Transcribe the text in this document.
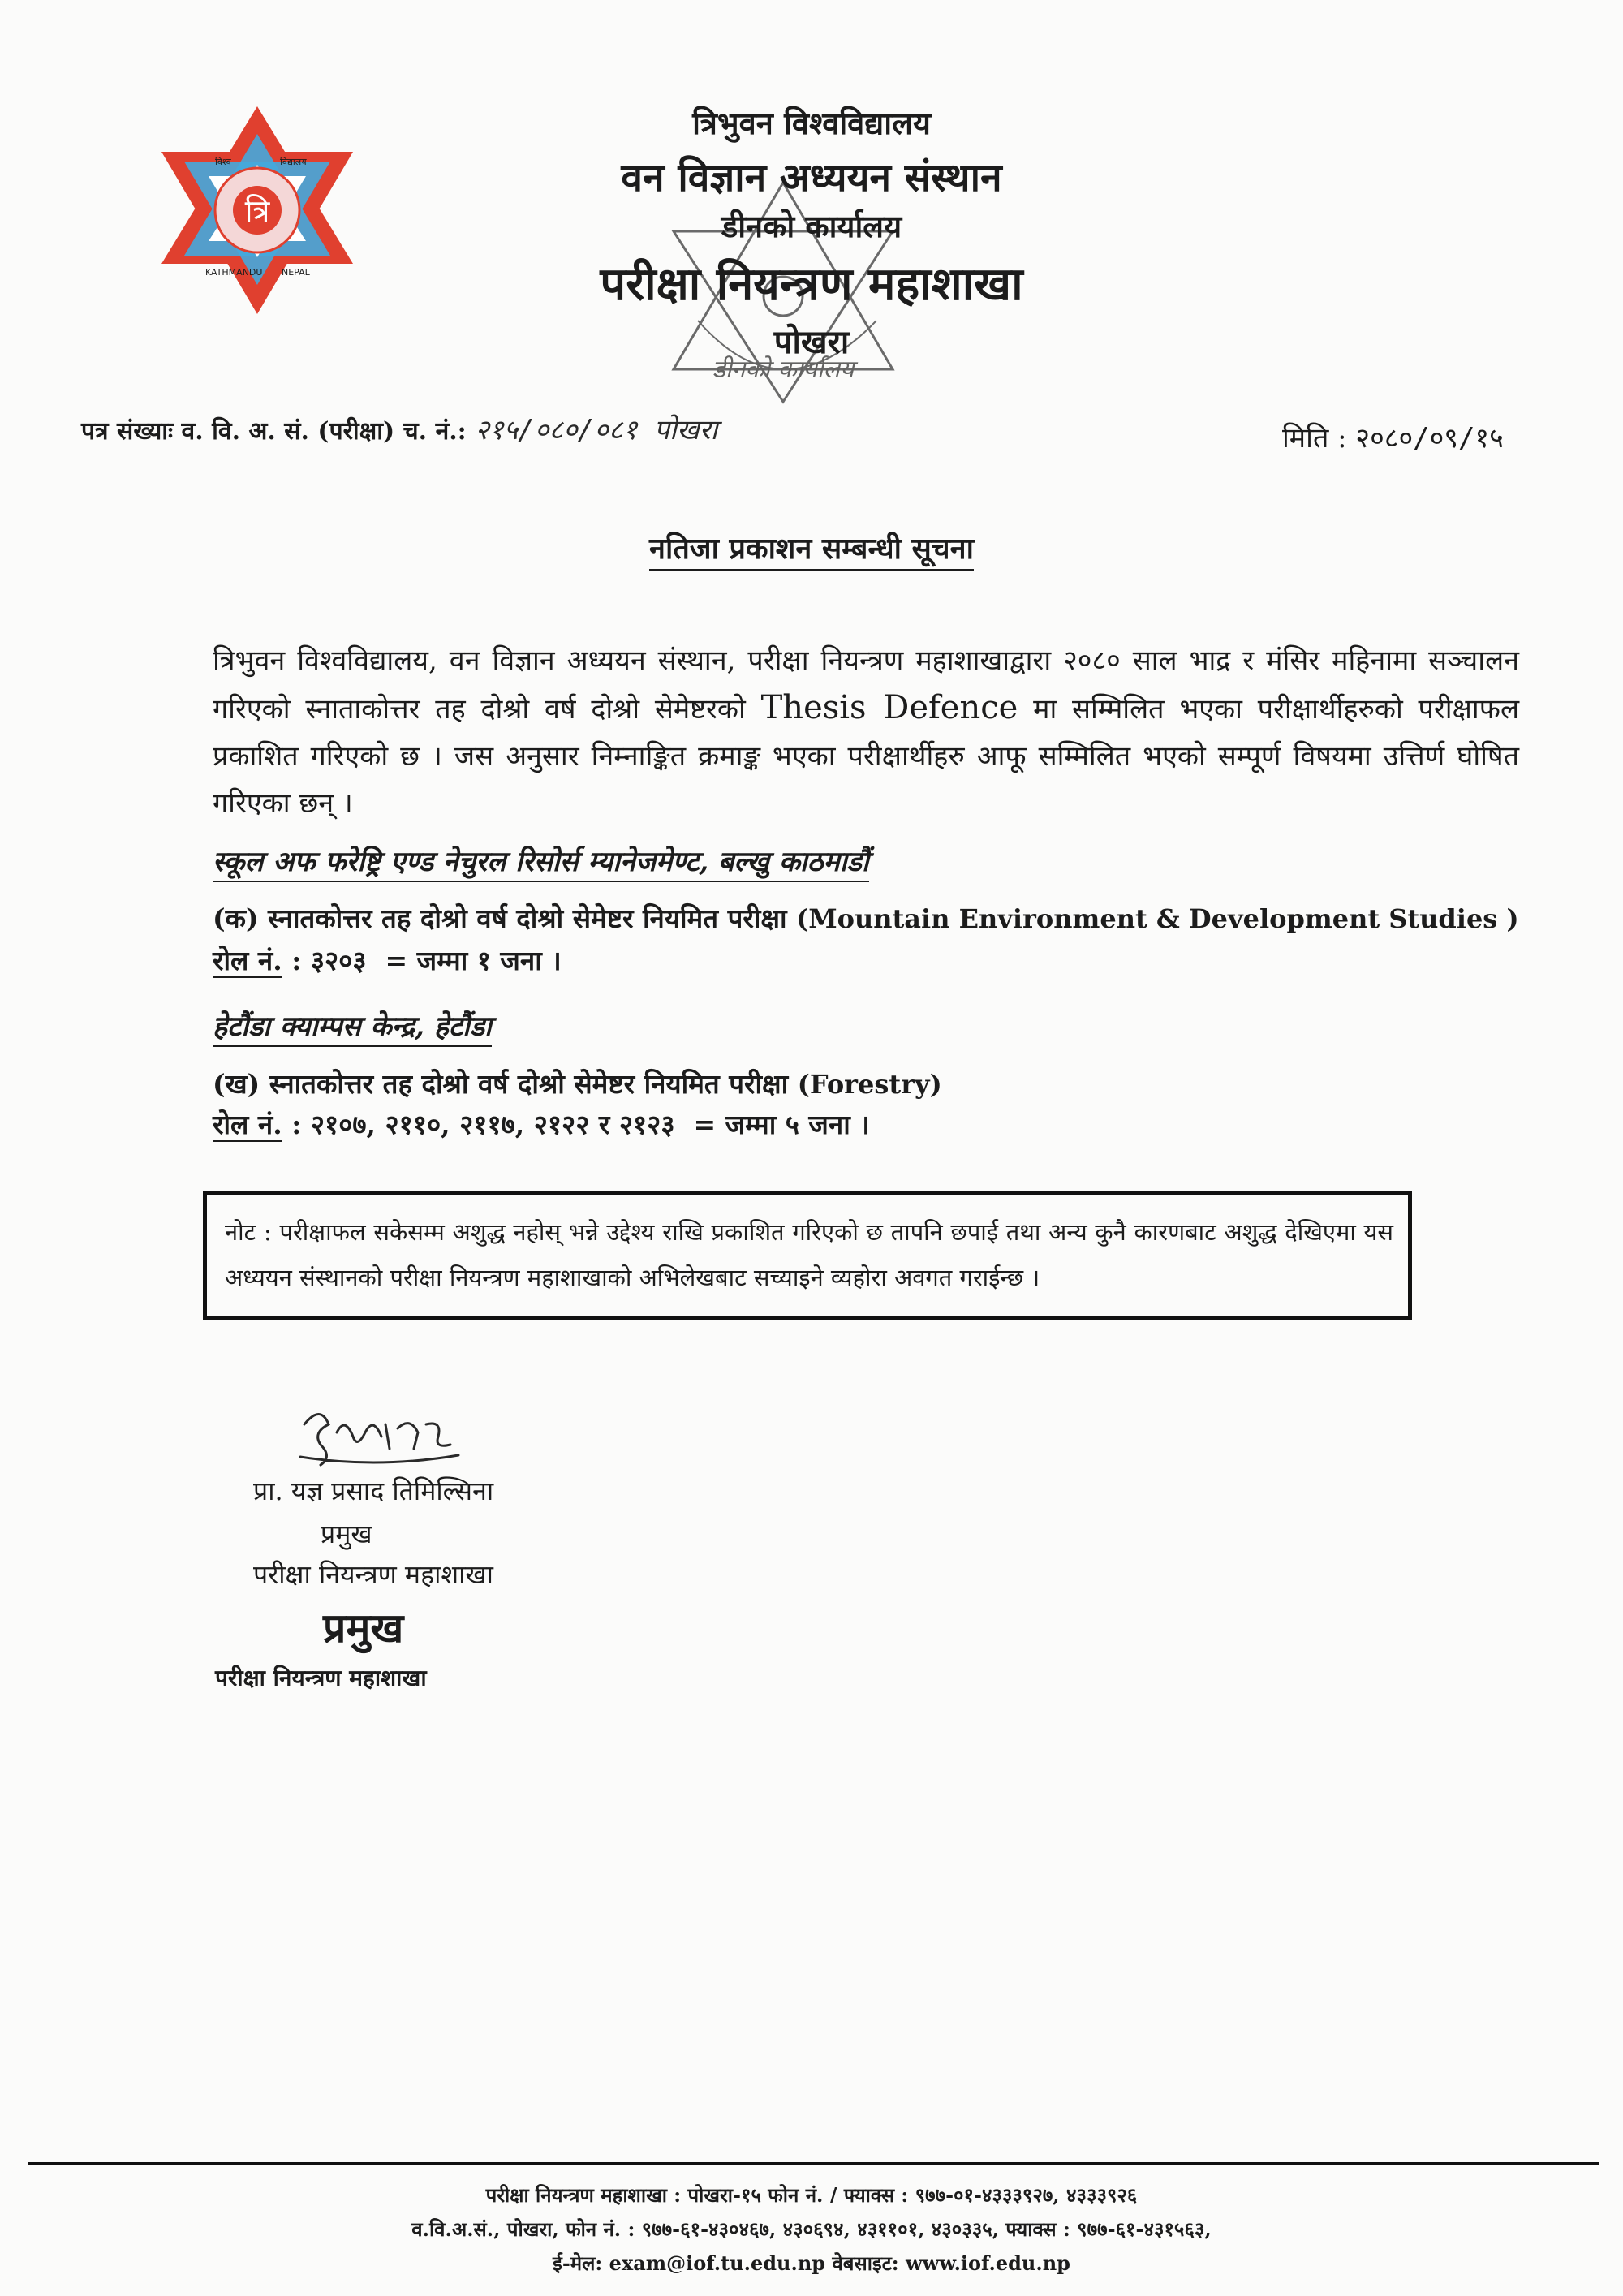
त्रि
विश्व	विद्यालय
KATHMANDU NEPAL
डीनको कार्यालय
त्रिभुवन विश्वविद्यालय
वन विज्ञान अध्ययन संस्थान
डीनको कार्यालय
परीक्षा नियन्त्रण महाशाखा
पोखरा
पत्र संख्याः व. वि. अ. सं. (परीक्षा) च. नं.: २१५/०८०/०८१ पोखरा	मिति : २०८०/०९/१५
नतिजा प्रकाशन सम्बन्धी सूचना
त्रिभुवन विश्वविद्यालय, वन विज्ञान अध्ययन संस्थान, परीक्षा नियन्त्रण महाशाखाद्वारा २०८० साल भाद्र र मंसिर महिनामा सञ्चालन गरिएको स्नाताकोत्तर तह दोश्रो वर्ष दोश्रो सेमेष्टरको Thesis Defence मा सम्मिलित भएका परीक्षार्थीहरुको परीक्षाफल प्रकाशित गरिएको छ । जस अनुसार निम्नाङ्कित क्रमाङ्क भएका परीक्षार्थीहरु आफू सम्मिलित भएको सम्पूर्ण विषयमा उत्तिर्ण घोषित गरिएका छन् ।
स्कूल अफ फरेष्ट्रि एण्ड नेचुरल रिसोर्स म्यानेजमेण्ट, बल्खु काठमाडौं
(क) स्नातकोत्तर तह दोश्रो वर्ष दोश्रो सेमेष्टर नियमित परीक्षा (Mountain Environment & Development Studies )
रोल नं. : ३२०३ = जम्मा १ जना ।
हेटौंडा क्याम्पस केन्द्र, हेटौंडा
(ख) स्नातकोत्तर तह दोश्रो वर्ष दोश्रो सेमेष्टर नियमित परीक्षा (Forestry)
रोल नं. : २१०७, २११०, २११७, २१२२ र २१२३ = जम्मा ५ जना ।
नोट : परीक्षाफल सकेसम्म अशुद्ध नहोस् भन्ने उद्देश्य राखि प्रकाशित गरिएको छ तापनि छपाई तथा अन्य कुनै कारणबाट अशुद्ध देखिएमा यस अध्ययन संस्थानको परीक्षा नियन्त्रण महाशाखाको अभिलेखबाट सच्याइने व्यहोरा अवगत गराईन्छ ।
प्रा. यज्ञ प्रसाद तिमिल्सिना
प्रमुख
परीक्षा नियन्त्रण महाशाखा
प्रमुख
परीक्षा नियन्त्रण महाशाखा
परीक्षा नियन्त्रण महाशाखा : पोखरा-१५ फोन नं. / फ्याक्स : ९७७-०१-४३३३९२७, ४३३३९२६
व.वि.अ.सं., पोखरा, फोन नं. : ९७७-६१-४३०४६७, ४३०६९४, ४३११०१, ४३०३३५, फ्याक्स : ९७७-६१-४३१५६३,
ई-मेल: exam@iof.tu.edu.np वेबसाइट: www.iof.edu.np
